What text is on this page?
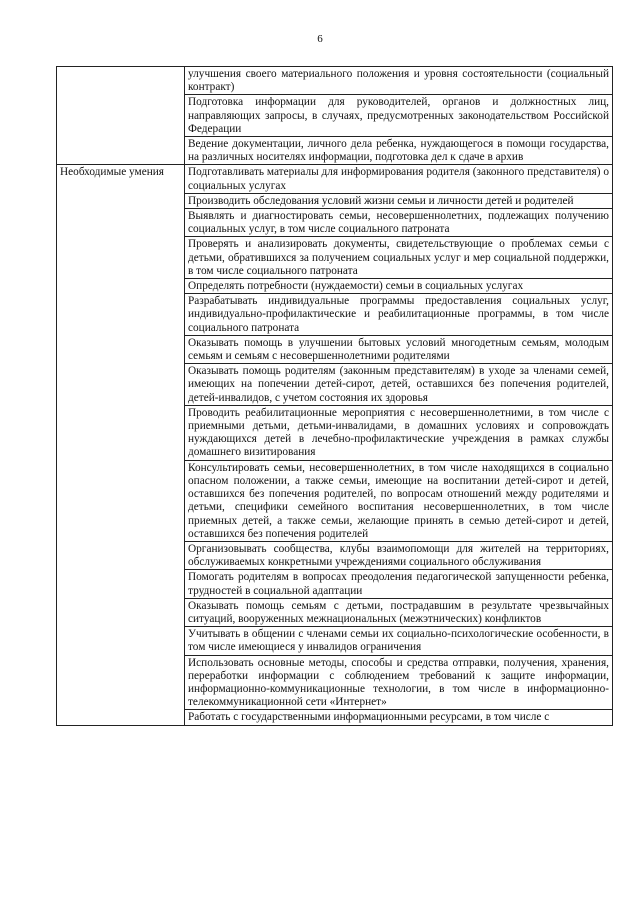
6
	улучшения своего материального положения и уровня состоятельности (социальный контракт)
	Подготовка информации для руководителей, органов и должностных лиц, направляющих запросы, в случаях, предусмотренных законодательством Российской Федерации
	Ведение документации, личного дела ребенка, нуждающегося в помощи государства, на различных носителях информации, подготовка дел к сдаче в архив
Необходимые умения	Подготавливать материалы для информирования родителя (законного представителя) о социальных услугах
	Производить обследования условий жизни семьи и личности детей и родителей
	Выявлять и диагностировать семьи, несовершеннолетних, подлежащих получению социальных услуг, в том числе социального патроната
	Проверять и анализировать документы, свидетельствующие о проблемах семьи с детьми, обратившихся за получением социальных услуг и мер социальной поддержки, в том числе социального патроната
	Определять потребности (нуждаемости) семьи в социальных услугах
	Разрабатывать индивидуальные программы предоставления социальных услуг, индивидуально-профилактические и реабилитационные программы, в том числе социального патроната
	Оказывать помощь в улучшении бытовых условий многодетным семьям, молодым семьям и семьям с несовершеннолетними родителями
	Оказывать помощь родителям (законным представителям) в уходе за членами семей, имеющих на попечении детей-сирот, детей, оставшихся без попечения родителей, детей-инвалидов, с учетом состояния их здоровья
	Проводить реабилитационные мероприятия с несовершеннолетними, в том числе с приемными детьми, детьми-инвалидами, в домашних условиях и сопровождать нуждающихся детей в лечебно-профилактические учреждения в рамках службы домашнего визитирования
	Консультировать семьи, несовершеннолетних, в том числе находящихся в социально опасном положении, а также семьи, имеющие на воспитании детей-сирот и детей, оставшихся без попечения родителей, по вопросам отношений между родителями и детьми, специфики семейного воспитания несовершеннолетних, в том числе приемных детей, а также семьи, желающие принять в семью детей-сирот и детей, оставшихся без попечения родителей
	Организовывать сообщества, клубы взаимопомощи для жителей на территориях, обслуживаемых конкретными учреждениями социального обслуживания
	Помогать родителям в вопросах преодоления педагогической запущенности ребенка, трудностей в социальной адаптации
	Оказывать помощь семьям с детьми, пострадавшим в результате чрезвычайных ситуаций, вооруженных межнациональных (межэтнических) конфликтов
	Учитывать в общении с членами семьи их социально-психологические особенности, в том числе имеющиеся у инвалидов ограничения
	Использовать основные методы, способы и средства отправки, получения, хранения, переработки информации с соблюдением требований к защите информации, информационно-коммуникационные технологии, в том числе в информационно-телекоммуникационной сети «Интернет»
	Работать с государственными информационными ресурсами, в том числе с
